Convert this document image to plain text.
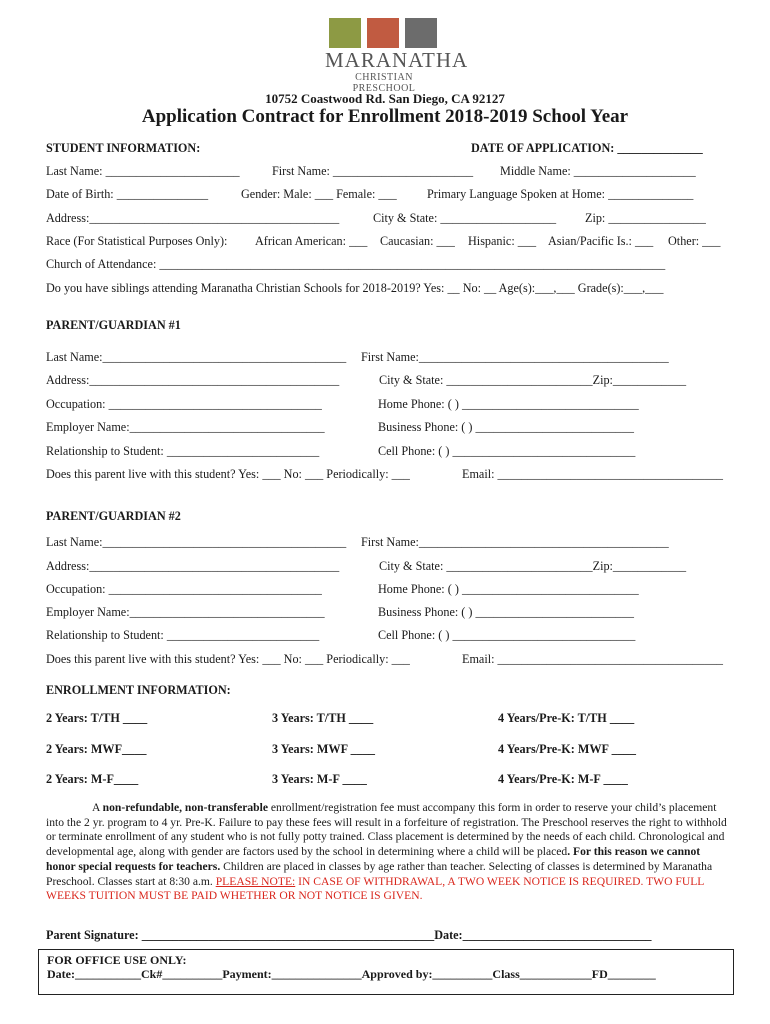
MARANATHA
CHRISTIAN PRESCHOOL
10752 Coastwood Rd. San Diego, CA 92127
Application Contract for Enrollment 2018-2019 School Year
STUDENT INFORMATION:	DATE OF APPLICATION: ______________
Last Name: ______________________	First Name: _______________________ Middle Name: ____________________
Date of Birth: _______________	Gender: Male: ___ Female: ___ Primary Language Spoken at Home: ______________
Address:_________________________________________	City & State: ___________________ Zip: ________________
Race (For Statistical Purposes Only): African American: ___ Caucasian: ___ Hispanic: ___ Asian/Pacific Is.: ___ Other: ___
Church of Attendance: ___________________________________________________________________________________
Do you have siblings attending Maranatha Christian Schools for 2018-2019? Yes: __ No: __ Age(s):___,___ Grade(s):___,___
PARENT/GUARDIAN #1
Last Name:________________________________________ First Name:_________________________________________
Address:_________________________________________	City & State: ________________________Zip:____________
Occupation: ___________________________________	Home Phone: ( ) _____________________________
Employer Name:________________________________	Business Phone: ( ) __________________________
Relationship to Student: _________________________	Cell Phone: ( ) ______________________________
Does this parent live with this student? Yes: ___ No: ___ Periodically: ___	Email: _____________________________________
PARENT/GUARDIAN #2
Last Name:________________________________________ First Name:_________________________________________
Address:_________________________________________	City & State: ________________________Zip:____________
Occupation: ___________________________________	Home Phone: ( ) _____________________________
Employer Name:________________________________	Business Phone: ( ) __________________________
Relationship to Student: _________________________	Cell Phone: ( ) ______________________________
Does this parent live with this student? Yes: ___ No: ___ Periodically: ___	Email: _____________________________________
ENROLLMENT INFORMATION:
2 Years: T/TH ____	3 Years: T/TH ____	4 Years/Pre-K: T/TH ____
2 Years: MWF____	3 Years: MWF ____	4 Years/Pre-K: MWF ____
2 Years: M-F____	3 Years: M-F ____	4 Years/Pre-K: M-F ____
A non-refundable, non-transferable enrollment/registration fee must accompany this form in order to reserve your child’s placement into the 2 yr. program to 4 yr. Pre-K. Failure to pay these fees will result in a forfeiture of registration. The Preschool reserves the right to withhold or terminate enrollment of any student who is not fully potty trained. Class placement is determined by the needs of each child. Chronological and developmental age, along with gender are factors used by the school in determining where a child will be placed. For this reason we cannot honor special requests for teachers. Children are placed in classes by age rather than teacher. Selecting of classes is determined by Maranatha Preschool. Classes start at 8:30 a.m. PLEASE NOTE: IN CASE OF WITHDRAWAL, A TWO WEEK NOTICE IS REQUIRED. TWO FULL WEEKS TUITION MUST BE PAID WHETHER OR NOT NOTICE IS GIVEN.
Parent Signature: ________________________________________________Date:_______________________________
FOR OFFICE USE ONLY:
Date:___________Ck#__________Payment:_______________Approved by:__________Class____________FD________
